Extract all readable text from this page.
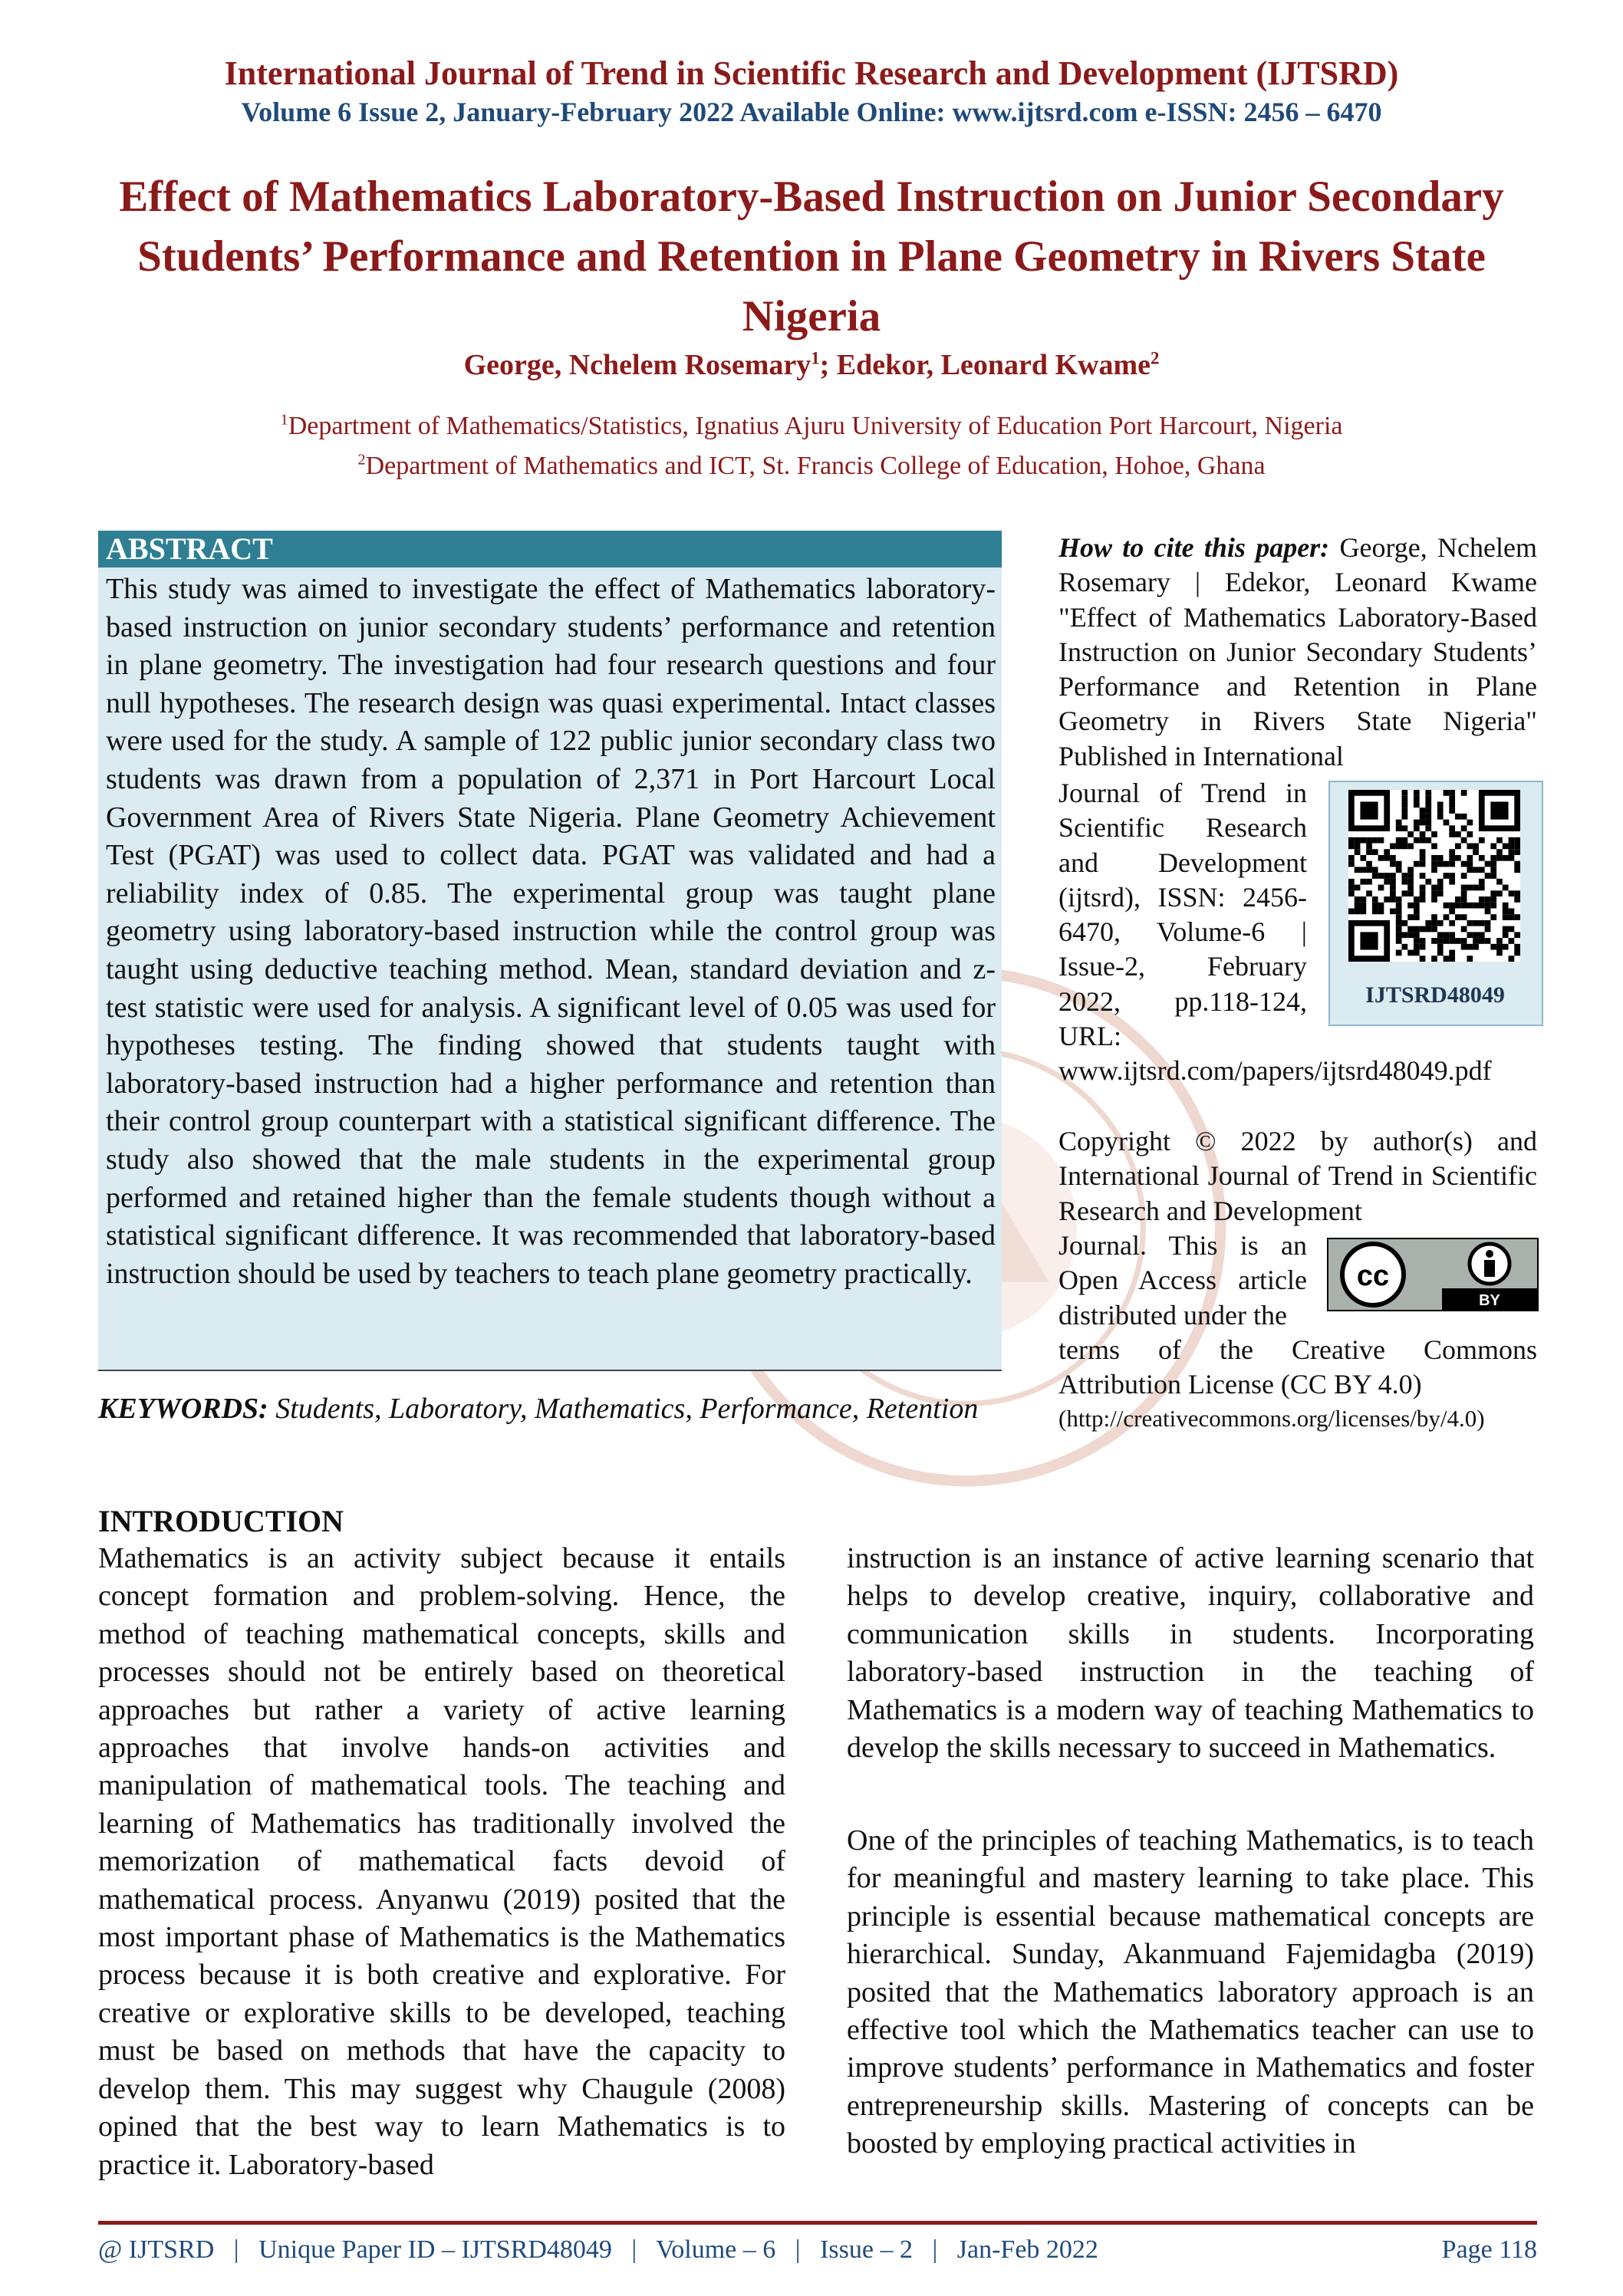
International Journal of Trend in Scientific Research and Development (IJTSRD)
Volume 6 Issue 2, January-February 2022 Available Online: www.ijtsrd.com e-ISSN: 2456 – 6470
Effect of Mathematics Laboratory-Based Instruction on Junior Secondary Students’ Performance and Retention in Plane Geometry in Rivers State Nigeria
George, Nchelem Rosemary$^1$; Edekor, Leonard Kwame$^2$
$^1$Department of Mathematics/Statistics, Ignatius Ajuru University of Education Port Harcourt, Nigeria
$^2$Department of Mathematics and ICT, St. Francis College of Education, Hohoe, Ghana
ABSTRACT
This study was aimed to investigate the effect of Mathematics laboratory-based instruction on junior secondary students’ performance and retention in plane geometry. The investigation had four research questions and four null hypotheses. The research design was quasi experimental. Intact classes were used for the study. A sample of 122 public junior secondary class two students was drawn from a population of 2,371 in Port Harcourt Local Government Area of Rivers State Nigeria. Plane Geometry Achievement Test (PGAT) was used to collect data. PGAT was validated and had a reliability index of 0.85. The experimental group was taught plane geometry using laboratory-based instruction while the control group was taught using deductive teaching method. Mean, standard deviation and z-test statistic were used for analysis. A significant level of 0.05 was used for hypotheses testing. The finding showed that students taught with laboratory-based instruction had a higher performance and retention than their control group counterpart with a statistical significant difference. The study also showed that the male students in the experimental group performed and retained higher than the female students though without a statistical significant difference. It was recommended that laboratory-based instruction should be used by teachers to teach plane geometry practically.
KEYWORDS: Students, Laboratory, Mathematics, Performance, Retention
How to cite this paper: George, Nchelem Rosemary | Edekor, Leonard Kwame "Effect of Mathematics Laboratory-Based Instruction on Junior Secondary Students’ Performance and Retention in Plane Geometry in Rivers State Nigeria" Published in International
Journal of Trend in Scientific Research and Development (ijtsrd), ISSN: 2456-6470, Volume-6 | Issue-2, February 2022, pp.118-124, URL:
www.ijtsrd.com/papers/ijtsrd48049.pdf
IJTSRD48049
Copyright © 2022 by author(s) and International Journal of Trend in Scientific Research and Development
Journal. This is an Open Access article distributed under the
terms of the Creative Commons Attribution License (CC BY 4.0)
(http://creativecommons.org/licenses/by/4.0)
cc
BY
INTRODUCTION
Mathematics is an activity subject because it entails concept formation and problem-solving. Hence, the method of teaching mathematical concepts, skills and processes should not be entirely based on theoretical approaches but rather a variety of active learning approaches that involve hands-on activities and manipulation of mathematical tools. The teaching and learning of Mathematics has traditionally involved the memorization of mathematical facts devoid of mathematical process. Anyanwu (2019) posited that the most important phase of Mathematics is the Mathematics process because it is both creative and explorative. For creative or explorative skills to be developed, teaching must be based on methods that have the capacity to develop them. This may suggest why Chaugule (2008) opined that the best way to learn Mathematics is to practice it. Laboratory-based
instruction is an instance of active learning scenario that helps to develop creative, inquiry, collaborative and communication skills in students. Incorporating laboratory-based instruction in the teaching of Mathematics is a modern way of teaching Mathematics to develop the skills necessary to succeed in Mathematics.
One of the principles of teaching Mathematics, is to teach for meaningful and mastery learning to take place. This principle is essential because mathematical concepts are hierarchical. Sunday, Akanmuand Fajemidagba (2019) posited that the Mathematics laboratory approach is an effective tool which the Mathematics teacher can use to improve students’ performance in Mathematics and foster entrepreneurship skills. Mastering of concepts can be boosted by employing practical activities in
@ IJTSRD   |   Unique Paper ID – IJTSRD48049   |   Volume – 6   |   Issue – 2   |   Jan-Feb 2022	Page 118
